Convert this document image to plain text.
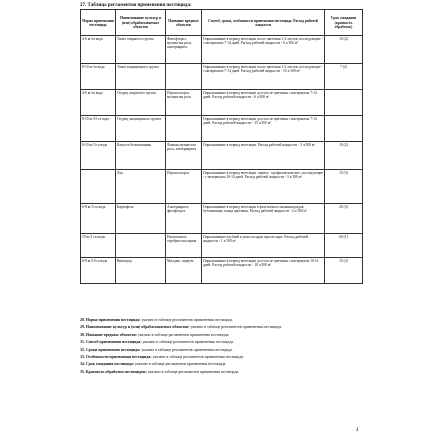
27. Таблица регламентов применения пестицида:
Норма применения пестицида	Наименование культур и (или) обрабатываемых объектов	Название вредных объектов	Способ, сроки, особенности применения пестицида. Расход рабочей жидкости	Срок ожидания (кратность обработок)
4-6 кг/га вода	Томат открытого грунта	Фитофтороз, мучнистая роса, альтернариоз	Опрыскивание в период вегетации после цветения 1-2 листов, последующие - с интервалом 7-14 дней. Расход рабочей жидкости - 6 л/100 м²	10 (2)
8-10 кг/га вода	Томат защищенного грунта		Опрыскивание в период вегетации после цветения 1-2 листов, последующие - с интервалом 7-14 дней. Расход рабочей жидкости - 10 л/100 м²	7 (2)
4-6 кг/га вода	Огурец открытого грунта	Пероноспороз, мучнистая роса	Опрыскивание в период вегетации до и после цветения с интервалом 7-14 дней. Расход рабочей жидкости - 6 л/100 м²	
8-10 кг/15 га вода	Огурец защищенного грунта		Опрыскивание в период вегетации до и после цветения с интервалом 7-14 дней. Расход рабочей жидкости - 15 л/100 м²	
8-10 кг/3 га вода	Капуста белокочанная	Ложная мучнистая роса, альтернариоз	Опрыскивание в период вегетации. Расход рабочей жидкости - 3 л/100 м²	10 (2)
	Лук	Пероноспороз	Опрыскивание в период вегетации: первое - профилактическое, последующие - с интервалом 10-14 дней. Расход рабочей жидкости - 3 л/100 м²	15 (3)
6-8 кг/3 га вода	Картофель	Альтернариоз, фитофтороз	Опрыскивание в период вегетации в фазе начала смыкания рядов, бутонизации, конца цветения. Расход рабочей жидкости - 3 л/100 м²	20 (3)
10 кг/1 га воды		Ризоктониоз, серебристая парша	Опрыскивание клубней в день посадки при посадке. Расход рабочей жидкости - 1 л/100 м²	60 (1)
6-8 кг/10 га вода	Виноград	Милдью, оидиум	Опрыскивание в период вегетации до и после цветения с интервалом 10-14 дней. Расход рабочей жидкости - 10 л/100 м²	35 (2)
28. Норма применения пестицида: указано в таблице регламентов применения пестицида.
29. Наименование культур и (или) обрабатываемых объектов: указано в таблице регламентов применения пестицида.
30. Название вредных объектов: указано в таблице регламентов применения пестицида.
31. Способ применения пестицида: указано в таблице регламентов применения пестицида.
32. Сроки применения пестицида: указано в таблице регламентов применения пестицида.
33. Особенности применения пестицида: указано в таблице регламентов применения пестицида.
34. Срок ожидания пестицида: указано в таблице регламентов применения пестицида.
35. Кратность обработки пестицидом: указано в таблице регламентов применения пестицида.
4
